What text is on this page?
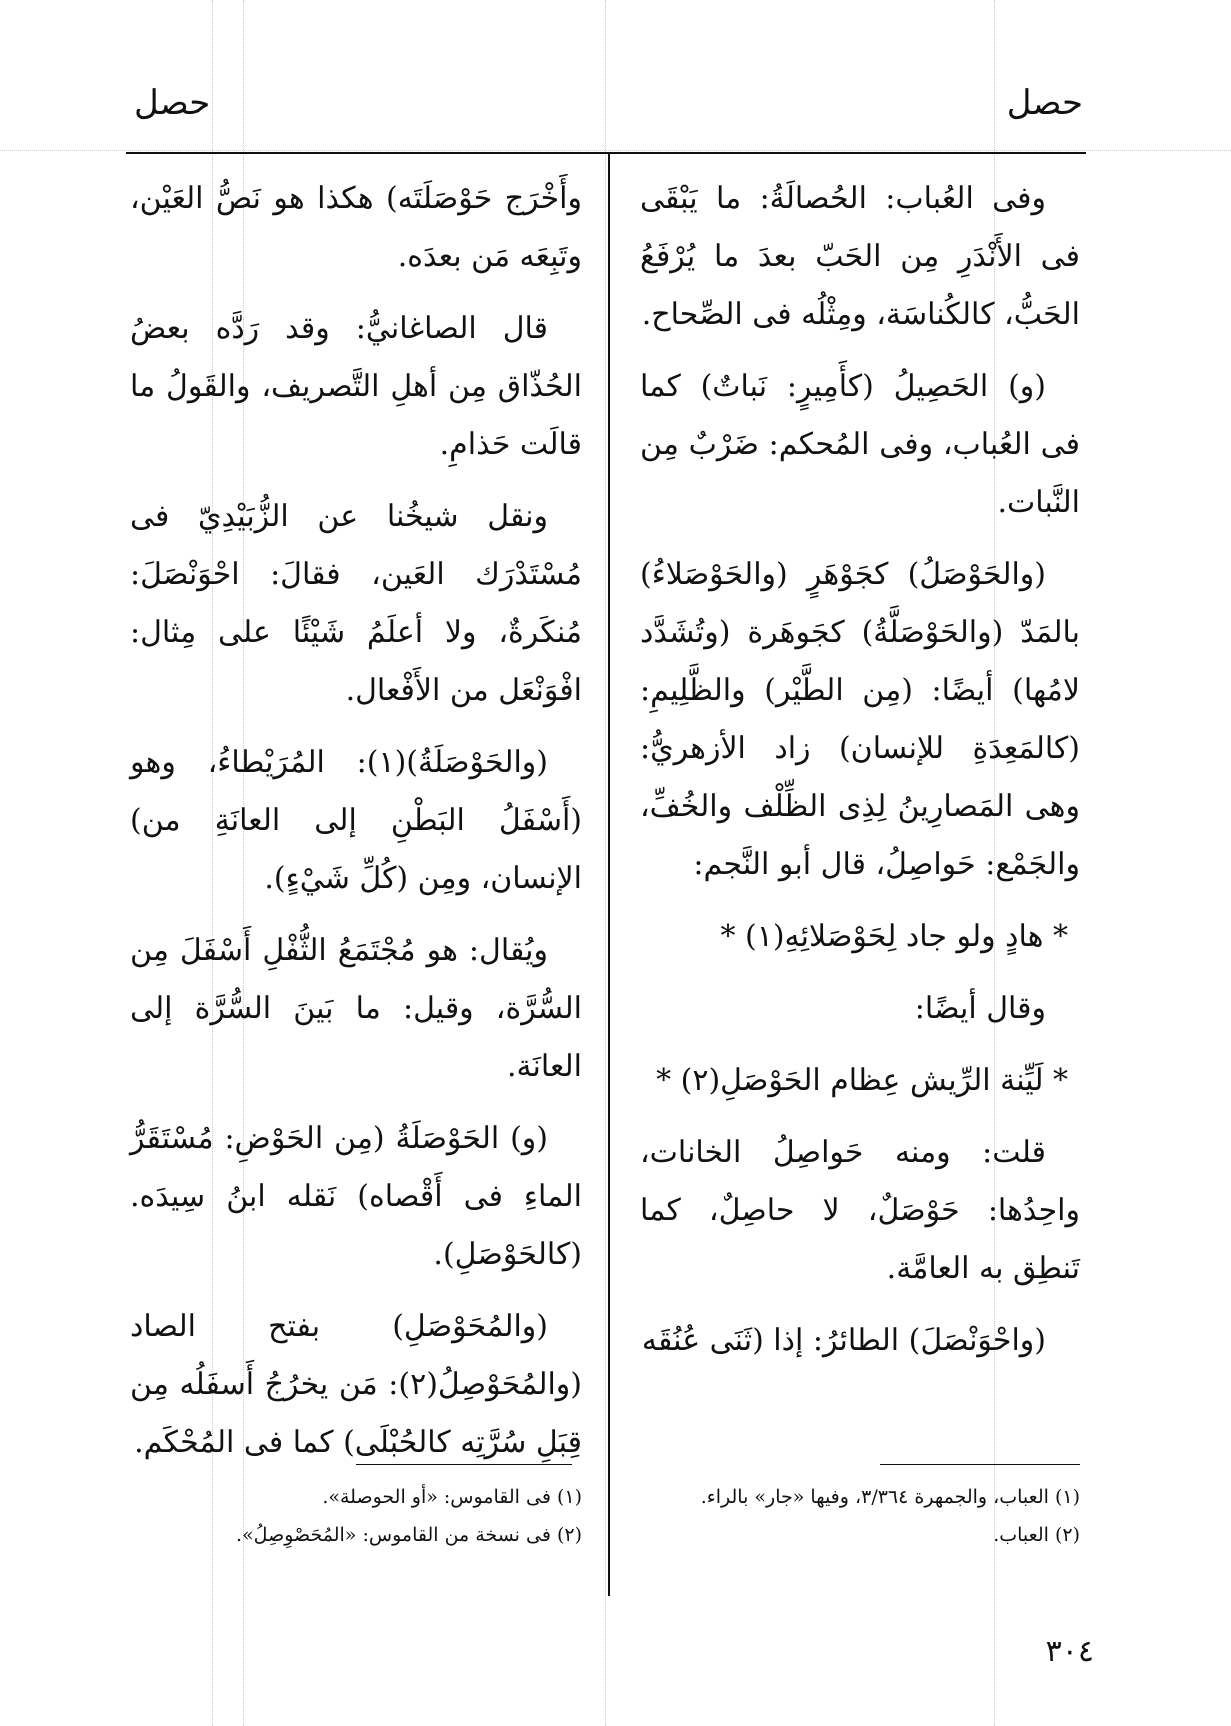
حصل	حصل

وفى العُباب: الحُصالَةُ: ما يَبْقَى فى الأَنْدَرِ مِن الحَبّ بعدَ ما يُرْفَعُ الحَبُّ، كالكُناسَة، ومِثْلُه فى الصِّحاح.

(و) الحَصِيلُ (كأَمِيرٍ: نَباتٌ) كما فى العُباب، وفى المُحكم: ضَرْبٌ مِن النَّبات.

(والحَوْصَلُ) كجَوْهَرٍ (والحَوْصَلاءُ) بالمَدّ (والحَوْصَلَّةُ) كجَوهَرة (وتُشَدَّد لامُها) أيضًا: (مِن الطَّيْر) والظَّلِيمِ: (كالمَعِدَةِ للإنسان) زاد الأزهريُّ: وهى المَصارِينُ لِذِى الظِّلْف والخُفِّ، والجَمْع: حَواصِلُ، قال أبو النَّجم:

* هادٍ ولو جاد لِحَوْصَلائِهِ(١) *

وقال أيضًا:

* لَيِّنة الرِّيش عِظام الحَوْصَلِ(٢) *

قلت: ومنه حَواصِلُ الخانات، واحِدُها: حَوْصَلٌ، لا حاصِلٌ، كما تَنطِق به العامَّة.

(واحْوَنْصَلَ) الطائرُ: إذا (ثَنَى عُنُقَه

وأَخْرَج حَوْصَلَتَه) هكذا هو نَصُّ العَيْن، وتَبِعَه مَن بعدَه.

قال الصاغانيُّ: وقد رَدَّه بعضُ الحُذّاق مِن أهلِ التَّصريف، والقَولُ ما قالَت حَذامِ.

ونقل شيخُنا عن الزُّبَيْدِيّ فى مُسْتَدْرَك العَين، فقالَ: احْوَنْصَلَ: مُنكَرةٌ، ولا أعلَمُ شَيْئًا على مِثال: افْوَنْعَل من الأَفْعال.

(والحَوْصَلَةُ)(١): المُرَيْطاءُ، وهو (أَسْفَلُ البَطْنِ إلى العانَةِ من) الإنسان، ومِن (كُلِّ شَيْءٍ).

ويُقال: هو مُجْتَمَعُ الثُّفْلِ أَسْفَلَ مِن السُّرَّة، وقيل: ما بَينَ السُّرَّة إلى العانَة.

(و) الحَوْصَلَةُ (مِن الحَوْضِ: مُسْتَقَرُّ الماءِ فى أَقْصاه) نَقله ابنُ سِيدَه. (كالحَوْصَلِ).

(والمُحَوْصَلِ) بفتح الصاد (والمُحَوْصِلُ(٢): مَن يخرُجُ أَسفَلُه مِن قِبَلِ سُرَّتِه كالحُبْلَى) كما فى المُحْكَم.

(١) العباب، والجمهرة ٣/٣٦٤، وفيها «جار» بالراء.
(٢) العباب.
(١) فى القاموس: «أو الحوصلة».
(٢) فى نسخة من القاموس: «المُحَصْوِصِلُ».
٣٠٤
